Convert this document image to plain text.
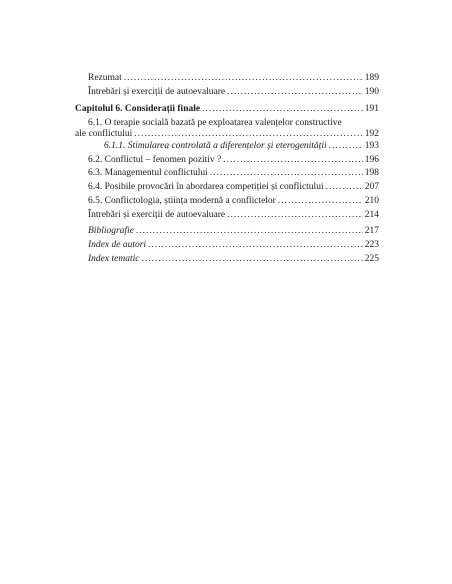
Rezumat .....	189
Întrebări și exerciții de autoevaluare .....	190
Capitolul 6. Considerații finale .....	191
6.1. O terapie socială bazată pe exploatarea valențelor constructive
ale conflictului .....	192
6.1.1. Stimularea controlată a diferențelor și eterogenității .....	193
6.2. Conflictul – fenomen pozitiv ? .....	196
6.3. Managementul conflictului .....	198
6.4. Posibile provocări în abordarea competiției și conflictului .....	207
6.5. Conflictologia, știința modernă a conflictelor .....	210
Întrebări și exerciții de autoevaluare .....	214
Bibliografie .....	217
Index de autori .....	223
Index tematic .....	225
